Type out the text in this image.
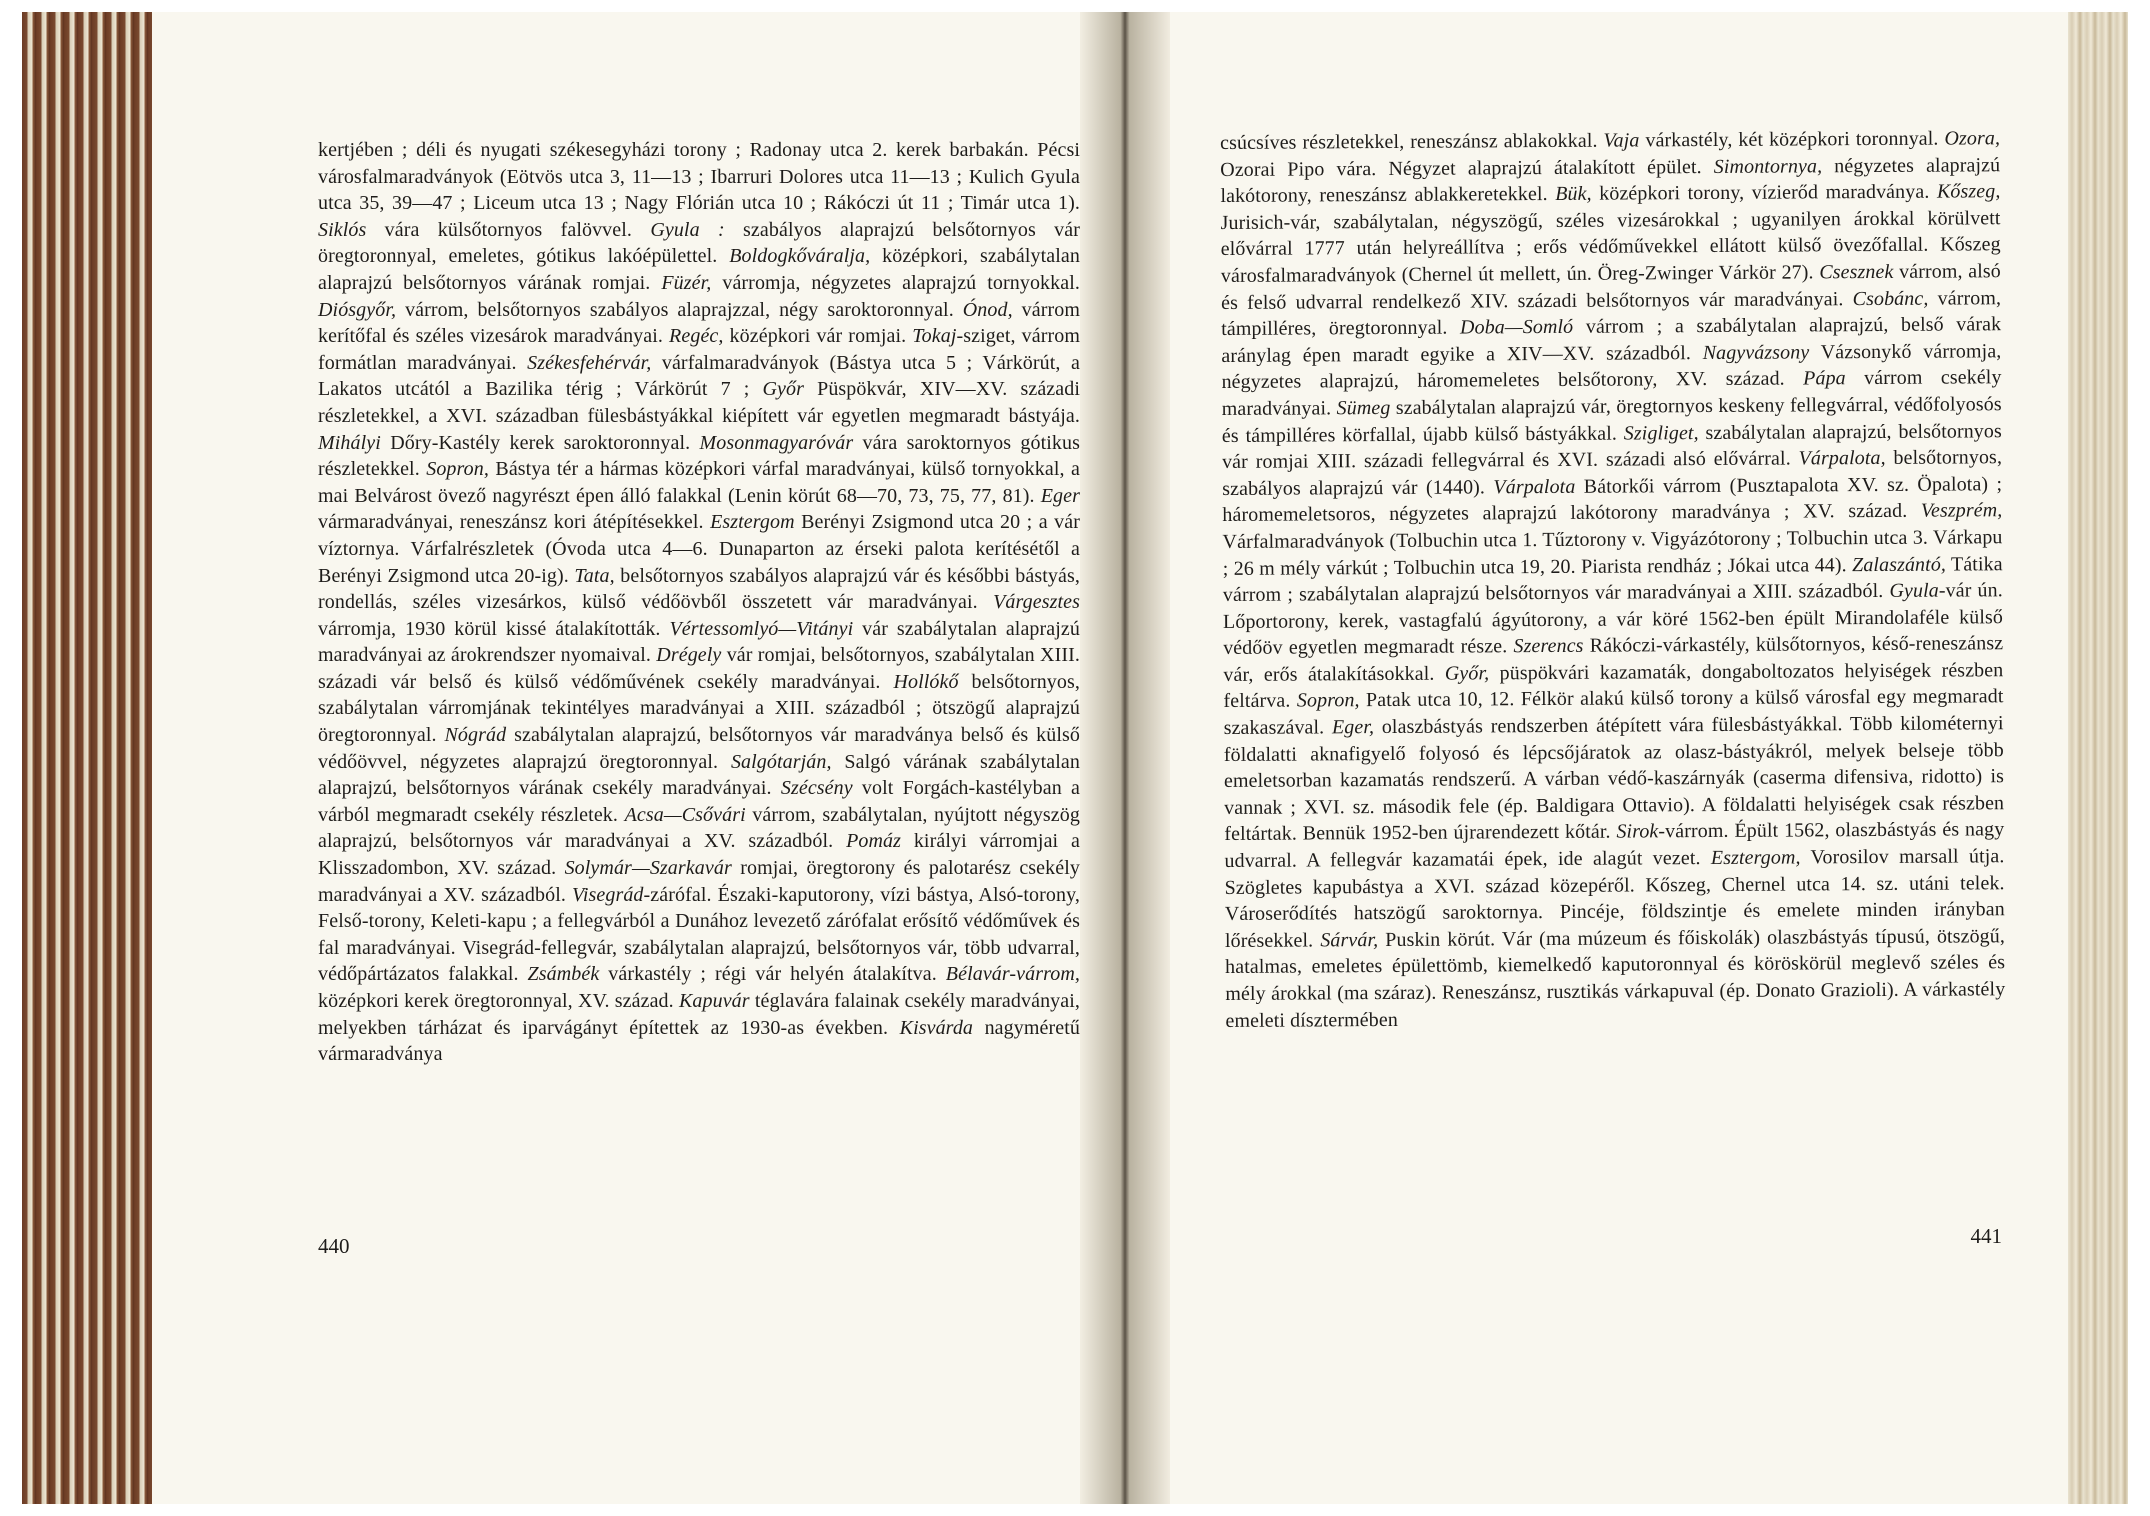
kertjében ; déli és nyugati székesegyházi torony ; Radonay utca 2. kerek barbakán. Pécsi városfalmaradványok (Eötvös utca 3, 11—13 ; Ibarruri Dolores utca 11—13 ; Kulich Gyula utca 35, 39—47 ; Liceum utca 13 ; Nagy Flórián utca 10 ; Rákóczi út 11 ; Timár utca 1). Siklós vára külsőtornyos falövvel. Gyula : szabályos alaprajzú belsőtornyos vár öregtoronnyal, emeletes, gótikus lakóépülettel. Boldogkőváralja, középkori, szabálytalan alaprajzú belsőtornyos várának romjai. Füzér, várromja, négyzetes alaprajzú tornyokkal. Diósgyőr, várrom, belsőtornyos szabályos alaprajzzal, négy saroktoronnyal. Ónod, várrom kerítőfal és széles vizesárok maradványai. Regéc, középkori vár romjai. Tokaj-sziget, várrom formátlan maradványai. Székesfehérvár, várfalmaradványok (Bástya utca 5 ; Várkörút, a Lakatos utcától a Bazilika térig ; Várkörút 7 ; Győr Püspökvár, XIV—XV. századi részletekkel, a XVI. században fülesbástyákkal kiépített vár egyetlen megmaradt bástyája. Mihályi Dőry-Kastély kerek saroktoronnyal. Mosonmagyaróvár vára saroktornyos gótikus részletekkel. Sopron, Bástya tér a hármas középkori várfal maradványai, külső tornyokkal, a mai Belvárost övező nagyrészt épen álló falakkal (Lenin körút 68—70, 73, 75, 77, 81). Eger vármaradványai, reneszánsz kori átépítésekkel. Esztergom Berényi Zsigmond utca 20 ; a vár víztornya. Várfalrészletek (Óvoda utca 4—6. Dunaparton az érseki palota kerítésétől a Berényi Zsigmond utca 20-ig). Tata, belsőtornyos szabályos alaprajzú vár és későbbi bástyás, rondellás, széles vizesárkos, külső védőövből összetett vár maradványai. Várgesztes várromja, 1930 körül kissé átalakították. Vértessomlyó—Vitányi vár szabálytalan alaprajzú maradványai az árokrendszer nyomaival. Drégely vár romjai, belsőtornyos, szabálytalan XIII. századi vár belső és külső védőművének csekély maradványai. Hollókő belsőtornyos, szabálytalan várromjának tekintélyes maradványai a XIII. századból ; ötszögű alaprajzú öregtoronnyal. Nógrád szabálytalan alaprajzú, belsőtornyos vár maradványa belső és külső védőövvel, négyzetes alaprajzú öregtoronnyal. Salgótarján, Salgó várának szabálytalan alaprajzú, belsőtornyos várának csekély maradványai. Szécsény volt Forgách-kastélyban a várból megmaradt csekély részletek. Acsa—Csővári várrom, szabálytalan, nyújtott négyszög alaprajzú, belsőtornyos vár maradványai a XV. századból. Pomáz királyi várromjai a Klisszadombon, XV. század. Solymár—Szarkavár romjai, öregtorony és palotarész csekély maradványai a XV. századból. Visegrád-zárófal. Északi-kaputorony, vízi bástya, Alsó-torony, Felső-torony, Keleti-kapu ; a fellegvárból a Dunához levezető zárófalat erősítő védőművek és fal maradványai. Visegrád-fellegvár, szabálytalan alaprajzú, belsőtornyos vár, több udvarral, védőpártázatos falakkal. Zsámbék várkastély ; régi vár helyén átalakítva. Bélavár-várrom, középkori kerek öregtoronnyal, XV. század. Kapuvár téglavára falainak csekély maradványai, melyekben tárházat és iparvágányt építettek az 1930-as években. Kisvárda nagyméretű vármaradványa

440

csúcsíves részletekkel, reneszánsz ablakokkal. Vaja várkastély, két középkori toronnyal. Ozora, Ozorai Pipo vára. Négyzet alaprajzú átalakított épület. Simontornya, négyzetes alaprajzú lakótorony, reneszánsz ablakkeretekkel. Bük, középkori torony, vízierőd maradványa. Kőszeg, Jurisich-vár, szabálytalan, négyszögű, széles vizesárokkal ; ugyanilyen árokkal körülvett elővárral 1777 után helyreállítva ; erős védőművekkel ellátott külső övezőfallal. Kőszeg városfalmaradványok (Chernel út mellett, ún. Öreg-Zwinger Várkör 27). Csesznek várrom, alsó és felső udvarral rendelkező XIV. századi belsőtornyos vár maradványai. Csobánc, várrom, támpilléres, öregtoronnyal. Doba—Somló várrom ; a szabálytalan alaprajzú, belső várak aránylag épen maradt egyike a XIV—XV. századból. Nagyvázsony Vázsonykő várromja, négyzetes alaprajzú, háromemeletes belsőtorony, XV. század. Pápa várrom csekély maradványai. Sümeg szabálytalan alaprajzú vár, öregtornyos keskeny fellegvárral, védőfolyosós és támpilléres körfallal, újabb külső bástyákkal. Szigliget, szabálytalan alaprajzú, belsőtornyos vár romjai XIII. századi fellegvárral és XVI. századi alsó elővárral. Várpalota, belsőtornyos, szabályos alaprajzú vár (1440). Várpalota Bátorkői várrom (Pusztapalota XV. sz. Öpalota) ; háromemeletsoros, négyzetes alaprajzú lakótorony maradványa ; XV. század. Veszprém, Várfalmaradványok (Tolbuchin utca 1. Tűztorony v. Vigyázótorony ; Tolbuchin utca 3. Várkapu ; 26 m mély várkút ; Tolbuchin utca 19, 20. Piarista rendház ; Jókai utca 44). Zalaszántó, Tátika várrom ; szabálytalan alaprajzú belsőtornyos vár maradványai a XIII. századból. Gyula-vár ún. Lőportorony, kerek, vastagfalú ágyútorony, a vár köré 1562-ben épült Mirandolaféle külső védőöv egyetlen megmaradt része. Szerencs Rákóczi-várkastély, külsőtornyos, késő-reneszánsz vár, erős átalakításokkal. Győr, püspökvári kazamaták, dongaboltozatos helyiségek részben feltárva. Sopron, Patak utca 10, 12. Félkör alakú külső torony a külső városfal egy megmaradt szakaszával. Eger, olaszbástyás rendszerben átépített vára fülesbástyákkal. Több kilométernyi földalatti aknafigyelő folyosó és lépcsőjáratok az olasz-bástyákról, melyek belseje több emeletsorban kazamatás rendszerű. A várban védő-kaszárnyák (caserma difensiva, ridotto) is vannak ; XVI. sz. második fele (ép. Baldigara Ottavio). A földalatti helyiségek csak részben feltártak. Bennük 1952-ben újrarendezett kőtár. Sirok-várrom. Épült 1562, olaszbástyás és nagy udvarral. A fellegvár kazamatái épek, ide alagút vezet. Esztergom, Vorosilov marsall útja. Szögletes kapubástya a XVI. század közepéről. Kőszeg, Chernel utca 14. sz. utáni telek. Városerődítés hatszögű saroktornya. Pincéje, földszintje és emelete minden irányban lőrésekkel. Sárvár, Puskin körút. Vár (ma múzeum és főiskolák) olaszbástyás típusú, ötszögű, hatalmas, emeletes épülettömb, kiemelkedő kaputoronnyal és köröskörül meglevő széles és mély árokkal (ma száraz). Reneszánsz, rusztikás várkapuval (ép. Donato Grazioli). A várkastély emeleti dísztermében

441
